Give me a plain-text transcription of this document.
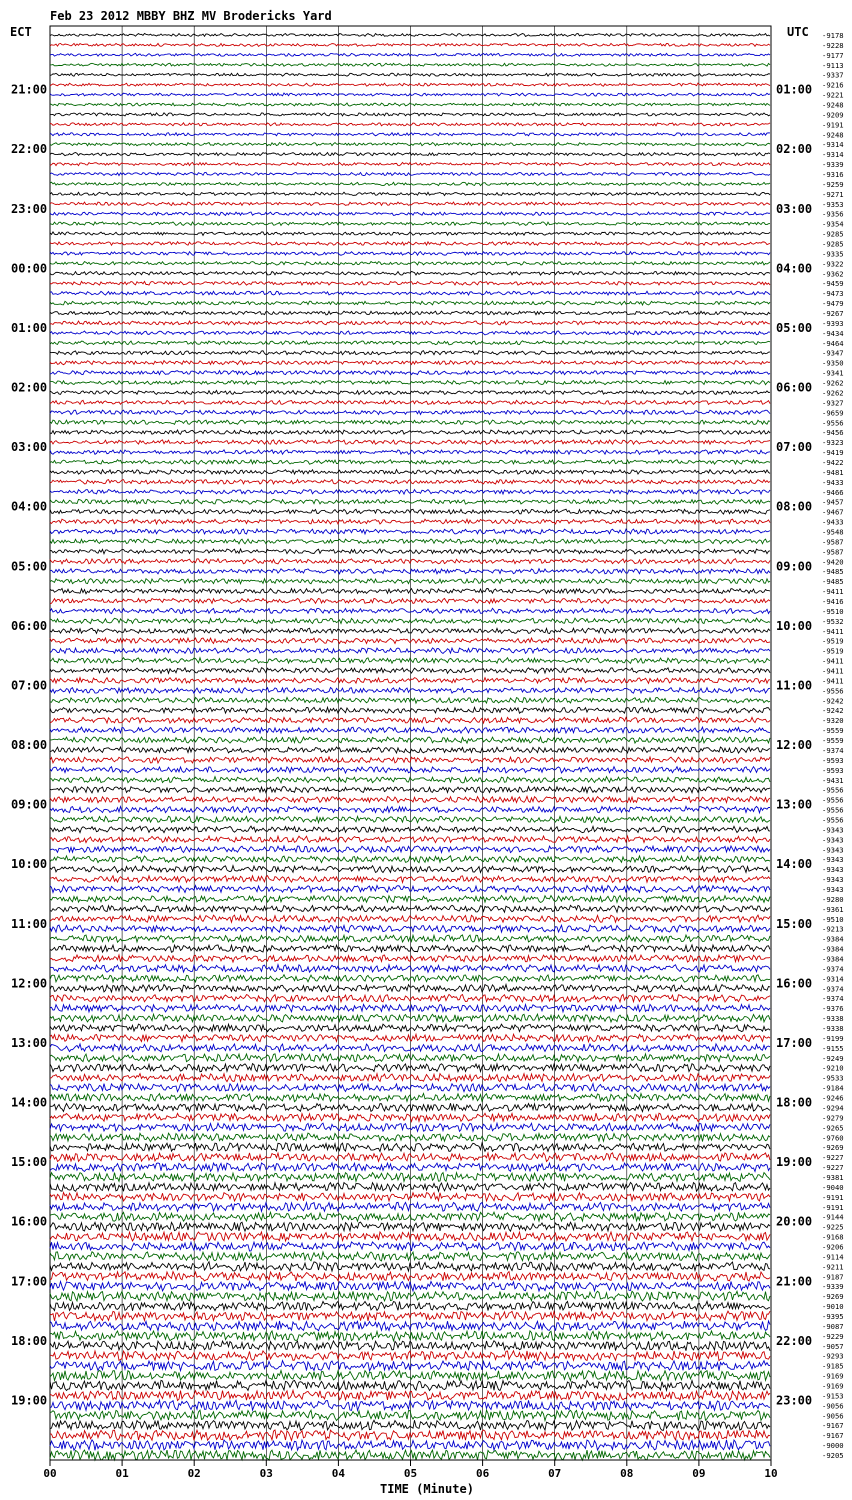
Feb 23 2012 MBBY BHZ MV Brodericks Yard
ECT	UTC
00	01	02	03	04	05	06	07	08	09	10
-9178
-9228
-9177
-9113
-9337
-9216
-9221
-9248
-9209
-9191
-9248
-9314
-9314
-9339
-9316
-9259
-9271
-9353
-9356
-9354
-9285
-9285
-9335
-9322
-9362
-9459
-9473
-9479
-9267
-9393
-9434
-9464
-9347
-9350
-9341
-9262
-9262
-9327
-9659
-9556
-9456
-9323
-9419
-9422
-9481
-9433
-9466
-9457
-9467
-9433
-9548
-9587
-9587
-9420
-9485
-9485
-9411
-9416
-9510
-9532
-9411
-9519
-9519
-9411
-9411
-9411
-9556
-9242
-9242
-9320
-9559
-9559
-9374
-9593
-9593
-9431
-9556
-9556
-9556
-9556
-9343
-9343
-9343
-9343
-9343
-9343
-9343
-9280
-9361
-9510
-9213
-9384
-9384
-9384
-9374
-9314
-9374
-9374
-9376
-9338
-9338
-9199
-9155
-9249
-9210
-9533
-9184
-9246
-9294
-9279
-9265
-9760
-9269
-9227
-9227
-9381
-9040
-9191
-9191
-9144
-9225
-9168
-9206
-9114
-9211
-9187
-9339
-9269
-9010
-9395
-9087
-9229
-9057
-9293
-9185
-9169
-9169
-9153
-9056
-9056
-9167
-9167
-9000
-9205
21:00
22:00
23:00
00:00
01:00
02:00
03:00
04:00
05:00
06:00
07:00
08:00
09:00
10:00
11:00
12:00
13:00
14:00
15:00
16:00
17:00
18:00
19:00
01:00
02:00
03:00
04:00
05:00
06:00
07:00
08:00
09:00
10:00
11:00
12:00
13:00
14:00
15:00
16:00
17:00
18:00
19:00
20:00
21:00
22:00
23:00
TIME (Minute)
